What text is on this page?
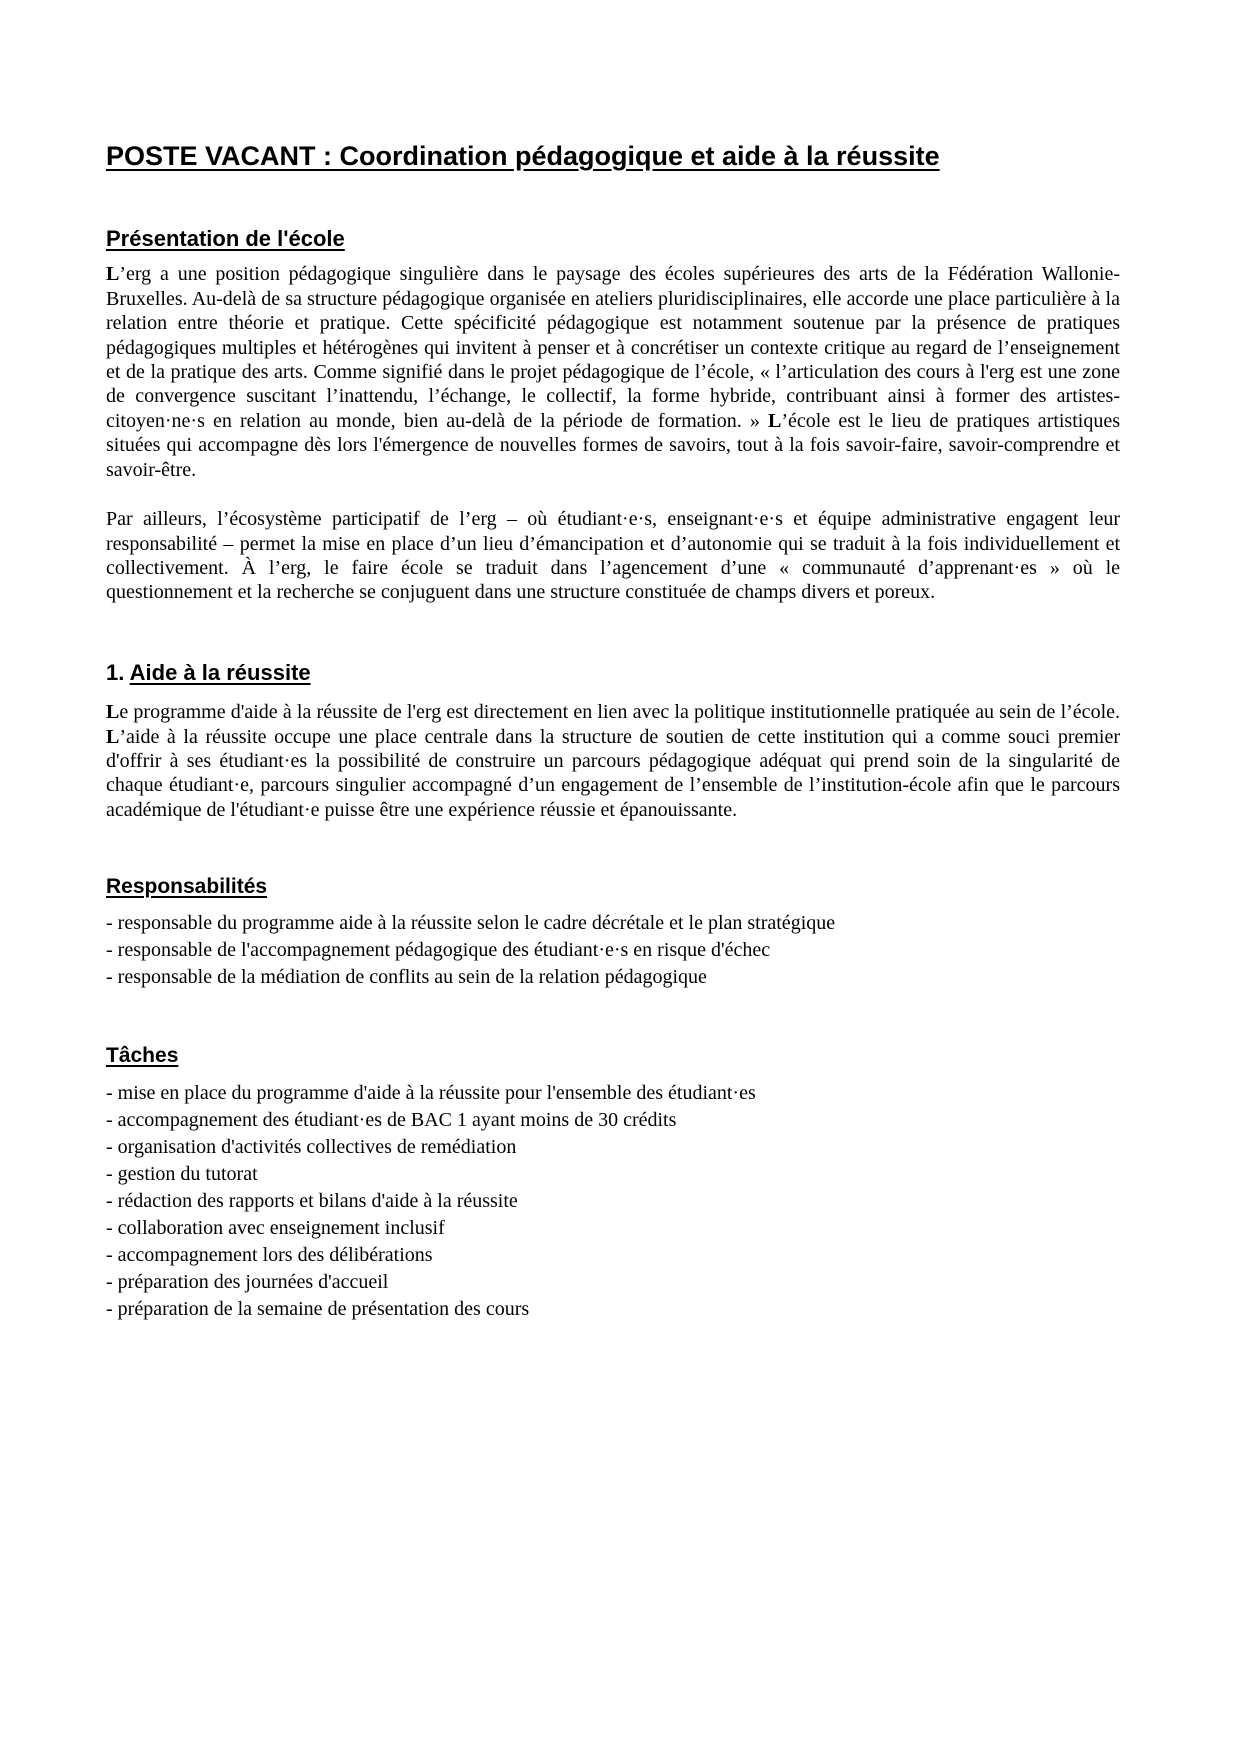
POSTE VACANT : Coordination pédagogique et aide à la réussite
Présentation de l'école

L’erg a une position pédagogique singulière dans le paysage des écoles supérieures des arts de la Fédération Wallonie-Bruxelles. Au-delà de sa structure pédagogique organisée en ateliers pluridisciplinaires, elle accorde une place particulière à la relation entre théorie et pratique. Cette spécificité pédagogique est notamment soutenue par la présence de pratiques pédagogiques multiples et hétérogènes qui invitent à penser et à concrétiser un contexte critique au regard de l’enseignement et de la pratique des arts. Comme signifié dans le projet pédagogique de l’école, « l’articulation des cours à l'erg est une zone de convergence suscitant l’inattendu, l’échange, le collectif, la forme hybride, contribuant ainsi à former des artistes-citoyen·ne·s en relation au monde, bien au-delà de la période de formation. » L’école est le lieu de pratiques artistiques situées qui accompagne dès lors l'émergence de nouvelles formes de savoirs, tout à la fois savoir-faire, savoir-comprendre et savoir-être.

Par ailleurs, l’écosystème participatif de l’erg – où étudiant·e·s, enseignant·e·s et équipe administrative engagent leur responsabilité – permet la mise en place d’un lieu d’émancipation et d’autonomie qui se traduit à la fois individuellement et collectivement. À l’erg, le faire école se traduit dans l’agencement d’une « communauté d’apprenant·es » où le questionnement et la recherche se conjuguent dans une structure constituée de champs divers et poreux.

1. Aide à la réussite

Le programme d'aide à la réussite de l'erg est directement en lien avec la politique institutionnelle pratiquée au sein de l’école. L’aide à la réussite occupe une place centrale dans la structure de soutien de cette institution qui a comme souci premier d'offrir à ses étudiant·es la possibilité de construire un parcours pédagogique adéquat qui prend soin de la singularité de chaque étudiant·e, parcours singulier accompagné d’un engagement de l’ensemble de l’institution-école afin que le parcours académique de l'étudiant·e puisse être une expérience réussie et épanouissante.

Responsabilités
- responsable du programme aide à la réussite selon le cadre décrétale et le plan stratégique
- responsable de l'accompagnement pédagogique des étudiant·e·s en risque d'échec
- responsable de la médiation de conflits au sein de la relation pédagogique
Tâches
- mise en place du programme d'aide à la réussite pour l'ensemble des étudiant·es
- accompagnement des étudiant·es de BAC 1 ayant moins de 30 crédits
- organisation d'activités collectives de remédiation
- gestion du tutorat
- rédaction des rapports et bilans d'aide à la réussite
- collaboration avec enseignement inclusif
- accompagnement lors des délibérations
- préparation des journées d'accueil
- préparation de la semaine de présentation des cours
